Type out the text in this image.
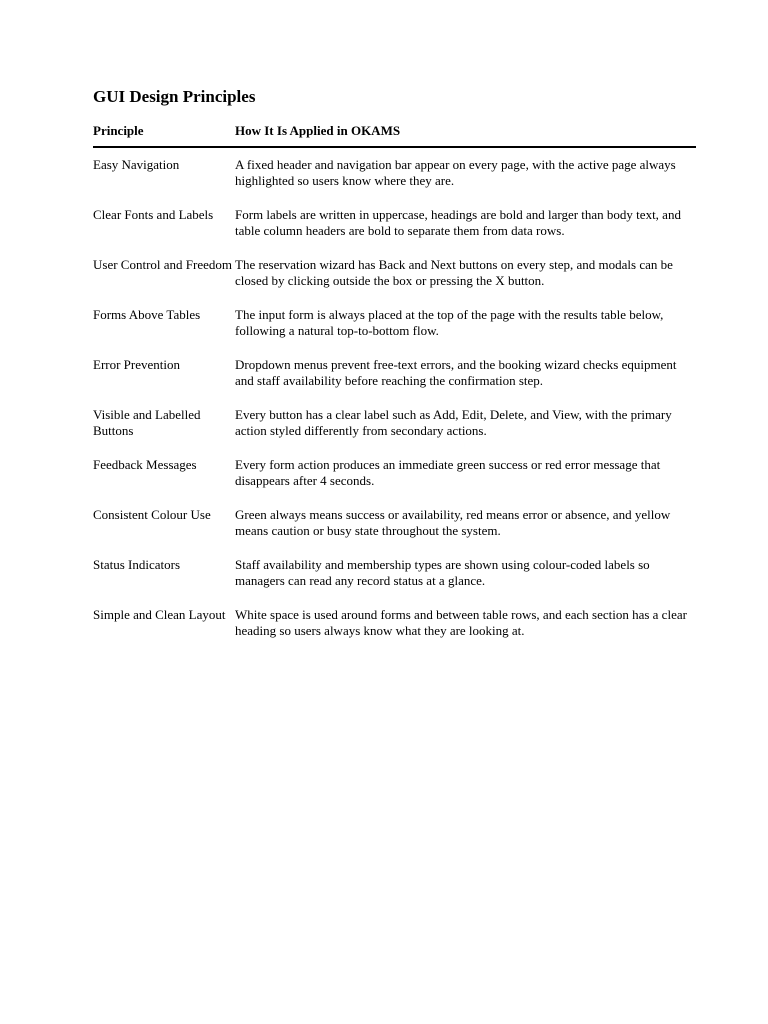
GUI Design Principles
Principle	How It Is Applied in OKAMS
Easy Navigation	A fixed header and navigation bar appear on every page, with the active page always highlighted so users know where they are.
Clear Fonts and Labels	Form labels are written in uppercase, headings are bold and larger than body text, and table column headers are bold to separate them from data rows.
User Control and Freedom	The reservation wizard has Back and Next buttons on every step, and modals can be closed by clicking outside the box or pressing the X button.
Forms Above Tables	The input form is always placed at the top of the page with the results table below, following a natural top-to-bottom flow.
Error Prevention	Dropdown menus prevent free-text errors, and the booking wizard checks equipment and staff availability before reaching the confirmation step.
Visible and Labelled Buttons	Every button has a clear label such as Add, Edit, Delete, and View, with the primary action styled differently from secondary actions.
Feedback Messages	Every form action produces an immediate green success or red error message that disappears after 4 seconds.
Consistent Colour Use	Green always means success or availability, red means error or absence, and yellow means caution or busy state throughout the system.
Status Indicators	Staff availability and membership types are shown using colour-coded labels so managers can read any record status at a glance.
Simple and Clean Layout	White space is used around forms and between table rows, and each section has a clear heading so users always know what they are looking at.
